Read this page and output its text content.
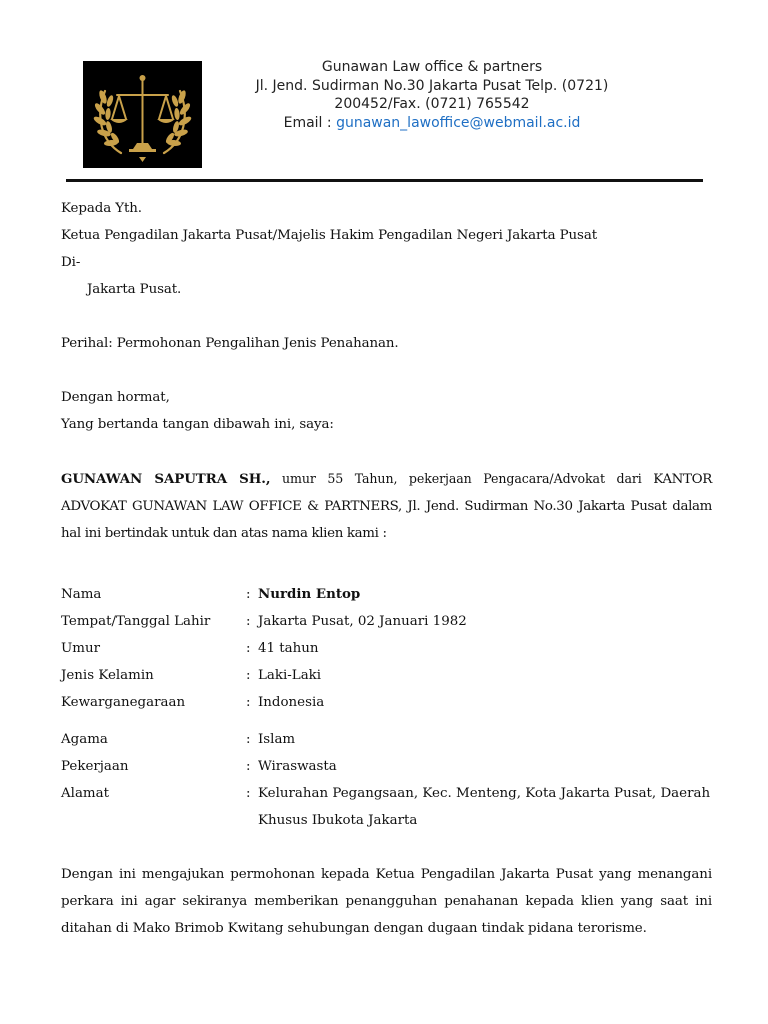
Gunawan Law office & partners
Jl. Jend. Sudirman No.30 Jakarta Pusat Telp. (0721)
200452/Fax. (0721) 765542
Email : gunawan_lawoffice@webmail.ac.id
Kepada Yth.
Ketua Pengadilan Jakarta Pusat/Majelis Hakim Pengadilan Negeri Jakarta Pusat
Di-
Jakarta Pusat.
Perihal: Permohonan Pengalihan Jenis Penahanan.
Dengan hormat,
Yang bertanda tangan dibawah ini, saya:
GUNAWAN SAPUTRA SH., umur 55 Tahun, pekerjaan Pengacara/Advokat dari KANTOR ADVOKAT GUNAWAN LAW OFFICE & PARTNERS, Jl. Jend. Sudirman No.30 Jakarta Pusat dalam hal ini bertindak untuk dan atas nama klien kami :
Nama	: Nurdin Entop
Tempat/Tanggal Lahir	: Jakarta Pusat, 02 Januari 1982
Umur	: 41 tahun
Jenis Kelamin	: Laki-Laki
Kewarganegaraan	: Indonesia
Agama	: Islam
Pekerjaan	: Wiraswasta
Alamat	: Kelurahan Pegangsaan, Kec. Menteng, Kota Jakarta Pusat, Daerah Khusus Ibukota Jakarta
Dengan ini mengajukan permohonan kepada Ketua Pengadilan Jakarta Pusat yang menangani perkara ini agar sekiranya memberikan penangguhan penahanan kepada klien yang saat ini ditahan di Mako Brimob Kwitang sehubungan dengan dugaan tindak pidana terorisme.
